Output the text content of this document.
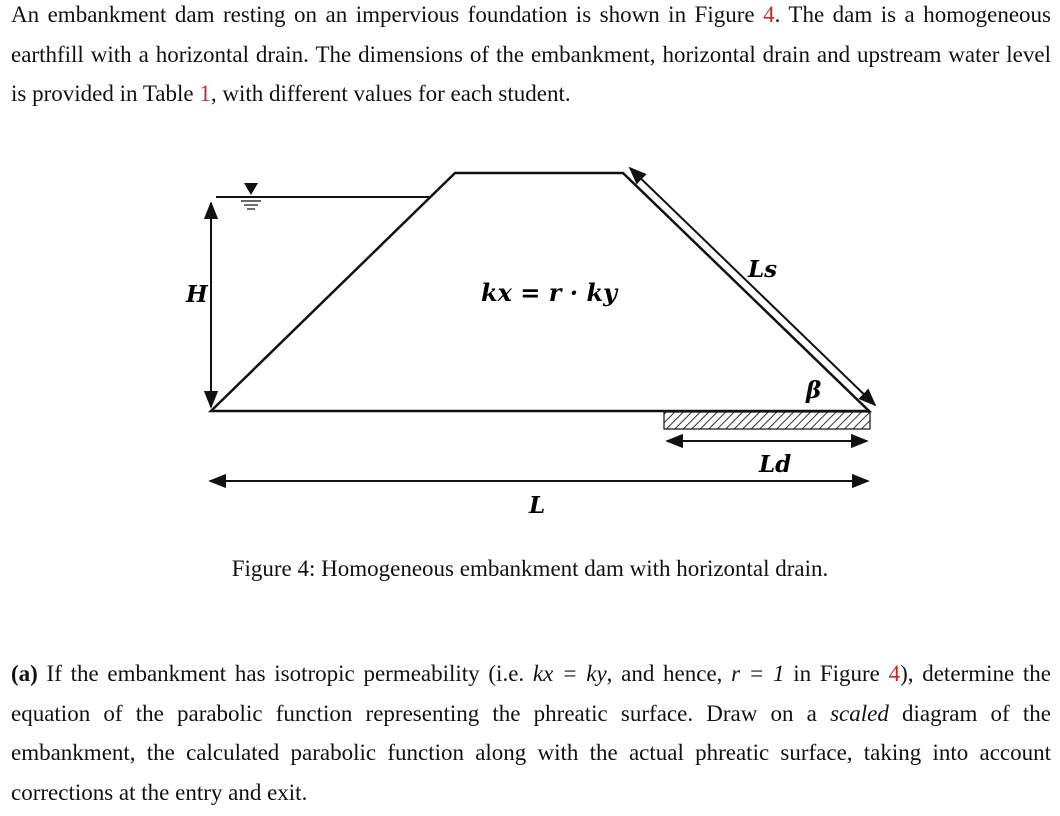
An embankment dam resting on an impervious foundation is shown in Figure 4. The dam is a homogeneous earthfill with a horizontal drain. The dimensions of the embankment, horizontal drain and upstream water level is provided in Table 1, with different values for each student.
H	kx = r · ky
Ls
β
Ld
L
Figure 4: Homogeneous embankment dam with horizontal drain.
(a) If the embankment has isotropic permeability (i.e. kx = ky, and hence, r = 1 in Figure 4), determine the equation of the parabolic function representing the phreatic surface. Draw on a scaled diagram of the embankment, the calculated parabolic function along with the actual phreatic surface, taking into account corrections at the entry and exit.
